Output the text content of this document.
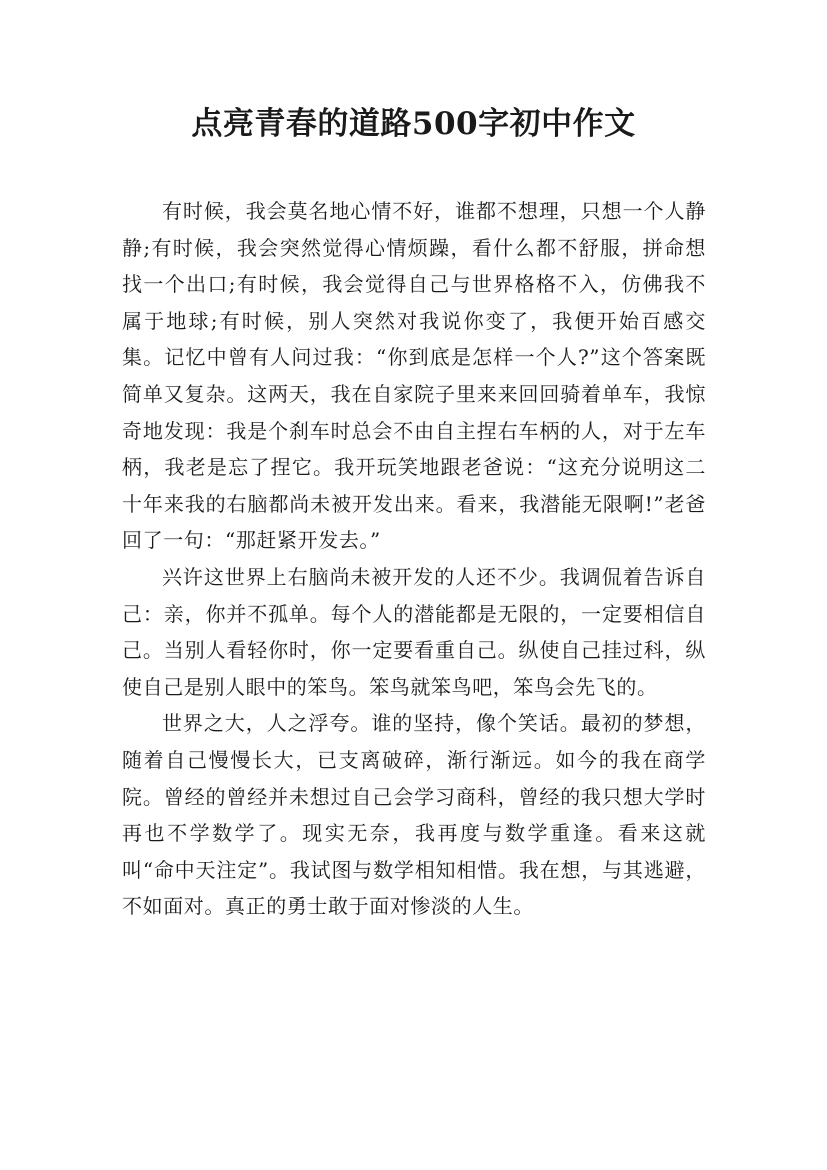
点亮青春的道路500字初中作文

有时候，我会莫名地心情不好，谁都不想理，只想一个人静静;有时候，我会突然觉得心情烦躁，看什么都不舒服，拼命想找一个出口;有时候，我会觉得自己与世界格格不入，仿佛我不属于地球;有时候，别人突然对我说你变了，我便开始百感交集。记忆中曾有人问过我：“你到底是怎样一个人?”这个答案既简单又复杂。这两天，我在自家院子里来来回回骑着单车，我惊奇地发现：我是个刹车时总会不由自主捏右车柄的人，对于左车柄，我老是忘了捏它。我开玩笑地跟老爸说：“这充分说明这二十年来我的右脑都尚未被开发出来。看来，我潜能无限啊!”老爸回了一句：“那赶紧开发去。”

兴许这世界上右脑尚未被开发的人还不少。我调侃着告诉自己：亲，你并不孤单。每个人的潜能都是无限的，一定要相信自己。当别人看轻你时，你一定要看重自己。纵使自己挂过科，纵使自己是别人眼中的笨鸟。笨鸟就笨鸟吧，笨鸟会先飞的。

世界之大，人之浮夸。谁的坚持，像个笑话。最初的梦想，随着自己慢慢长大，已支离破碎，渐行渐远。如今的我在商学院。曾经的曾经并未想过自己会学习商科，曾经的我只想大学时再也不学数学了。现实无奈，我再度与数学重逢。看来这就叫“命中天注定”。我试图与数学相知相惜。我在想，与其逃避，不如面对。真正的勇士敢于面对惨淡的人生。
